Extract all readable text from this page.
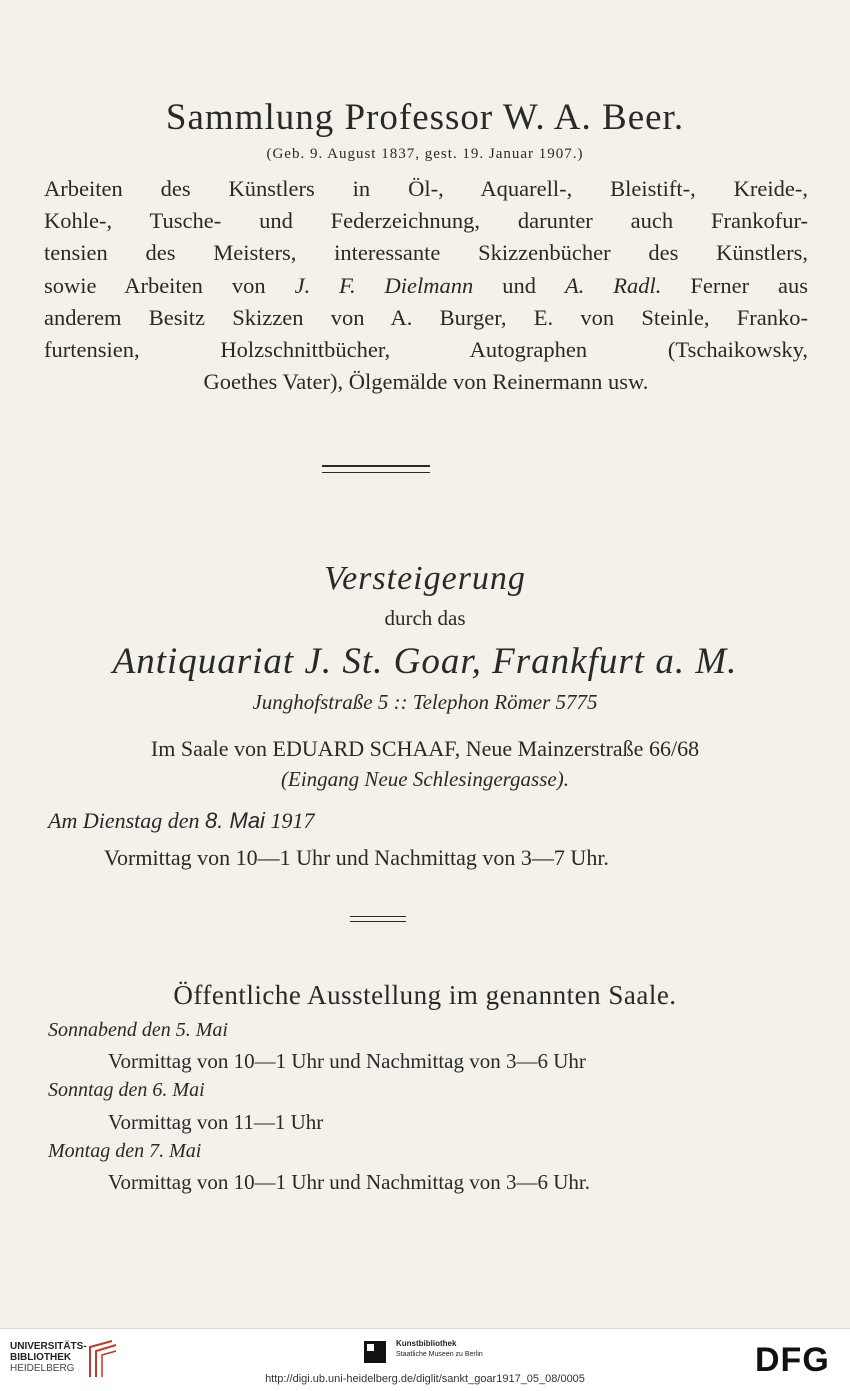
Sammlung Professor W. A. Beer.
(Geb. 9. August 1837, gest. 19. Januar 1907.)
Arbeiten des Künstlers in Öl-, Aquarell-, Bleistift-, Kreide-,
Kohle-, Tusche- und Federzeichnung, darunter auch Frankofur-
tensien des Meisters, interessante Skizzenbücher des Künstlers,
sowie Arbeiten von J. F. Dielmann und A. Radl. Ferner aus
anderem Besitz Skizzen von A. Burger, E. von Steinle, Franko-
furtensien, Holzschnittbücher, Autographen (Tschaikowsky,
Goethes Vater), Ölgemälde von Reinermann usw.
Versteigerung
durch das
Antiquariat J. St. Goar, Frankfurt a. M.
Junghofstraße 5 :: Telephon Römer 5775
Im Saale von EDUARD SCHAAF, Neue Mainzerstraße 66/68
(Eingang Neue Schlesingergasse).
Am Dienstag den 8. Mai 1917
Vormittag von 10—1 Uhr und Nachmittag von 3—7 Uhr.
Öffentliche Ausstellung im genannten Saale.
Sonnabend den 5. Mai
Vormittag von 10—1 Uhr und Nachmittag von 3—6 Uhr
Sonntag den 6. Mai
Vormittag von 11—1 Uhr
Montag den 7. Mai
Vormittag von 10—1 Uhr und Nachmittag von 3—6 Uhr.
UNIVERSITÄTS-
BIBLIOTHEK
HEIDELBERG
Kunstbibliothek
Staatliche Museen zu Berlin	DFG
http://digi.ub.uni-heidelberg.de/diglit/sankt_goar1917_05_08/0005
